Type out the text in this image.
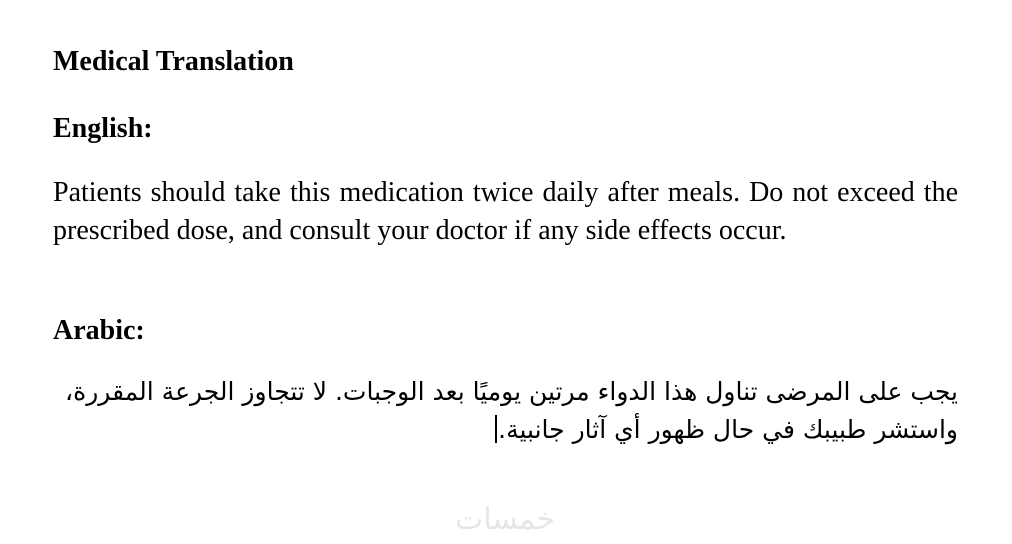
Medical Translation
English:
Patients should take this medication twice daily after meals. Do not exceed the prescribed dose, and consult your doctor if any side effects occur.
Arabic:
يجب على المرضى تناول هذا الدواء مرتين يوميًا بعد الوجبات. لا تتجاوز الجرعة المقررة، واستشر طبيبك في حال ظهور أي آثار جانبية.
خمسات
